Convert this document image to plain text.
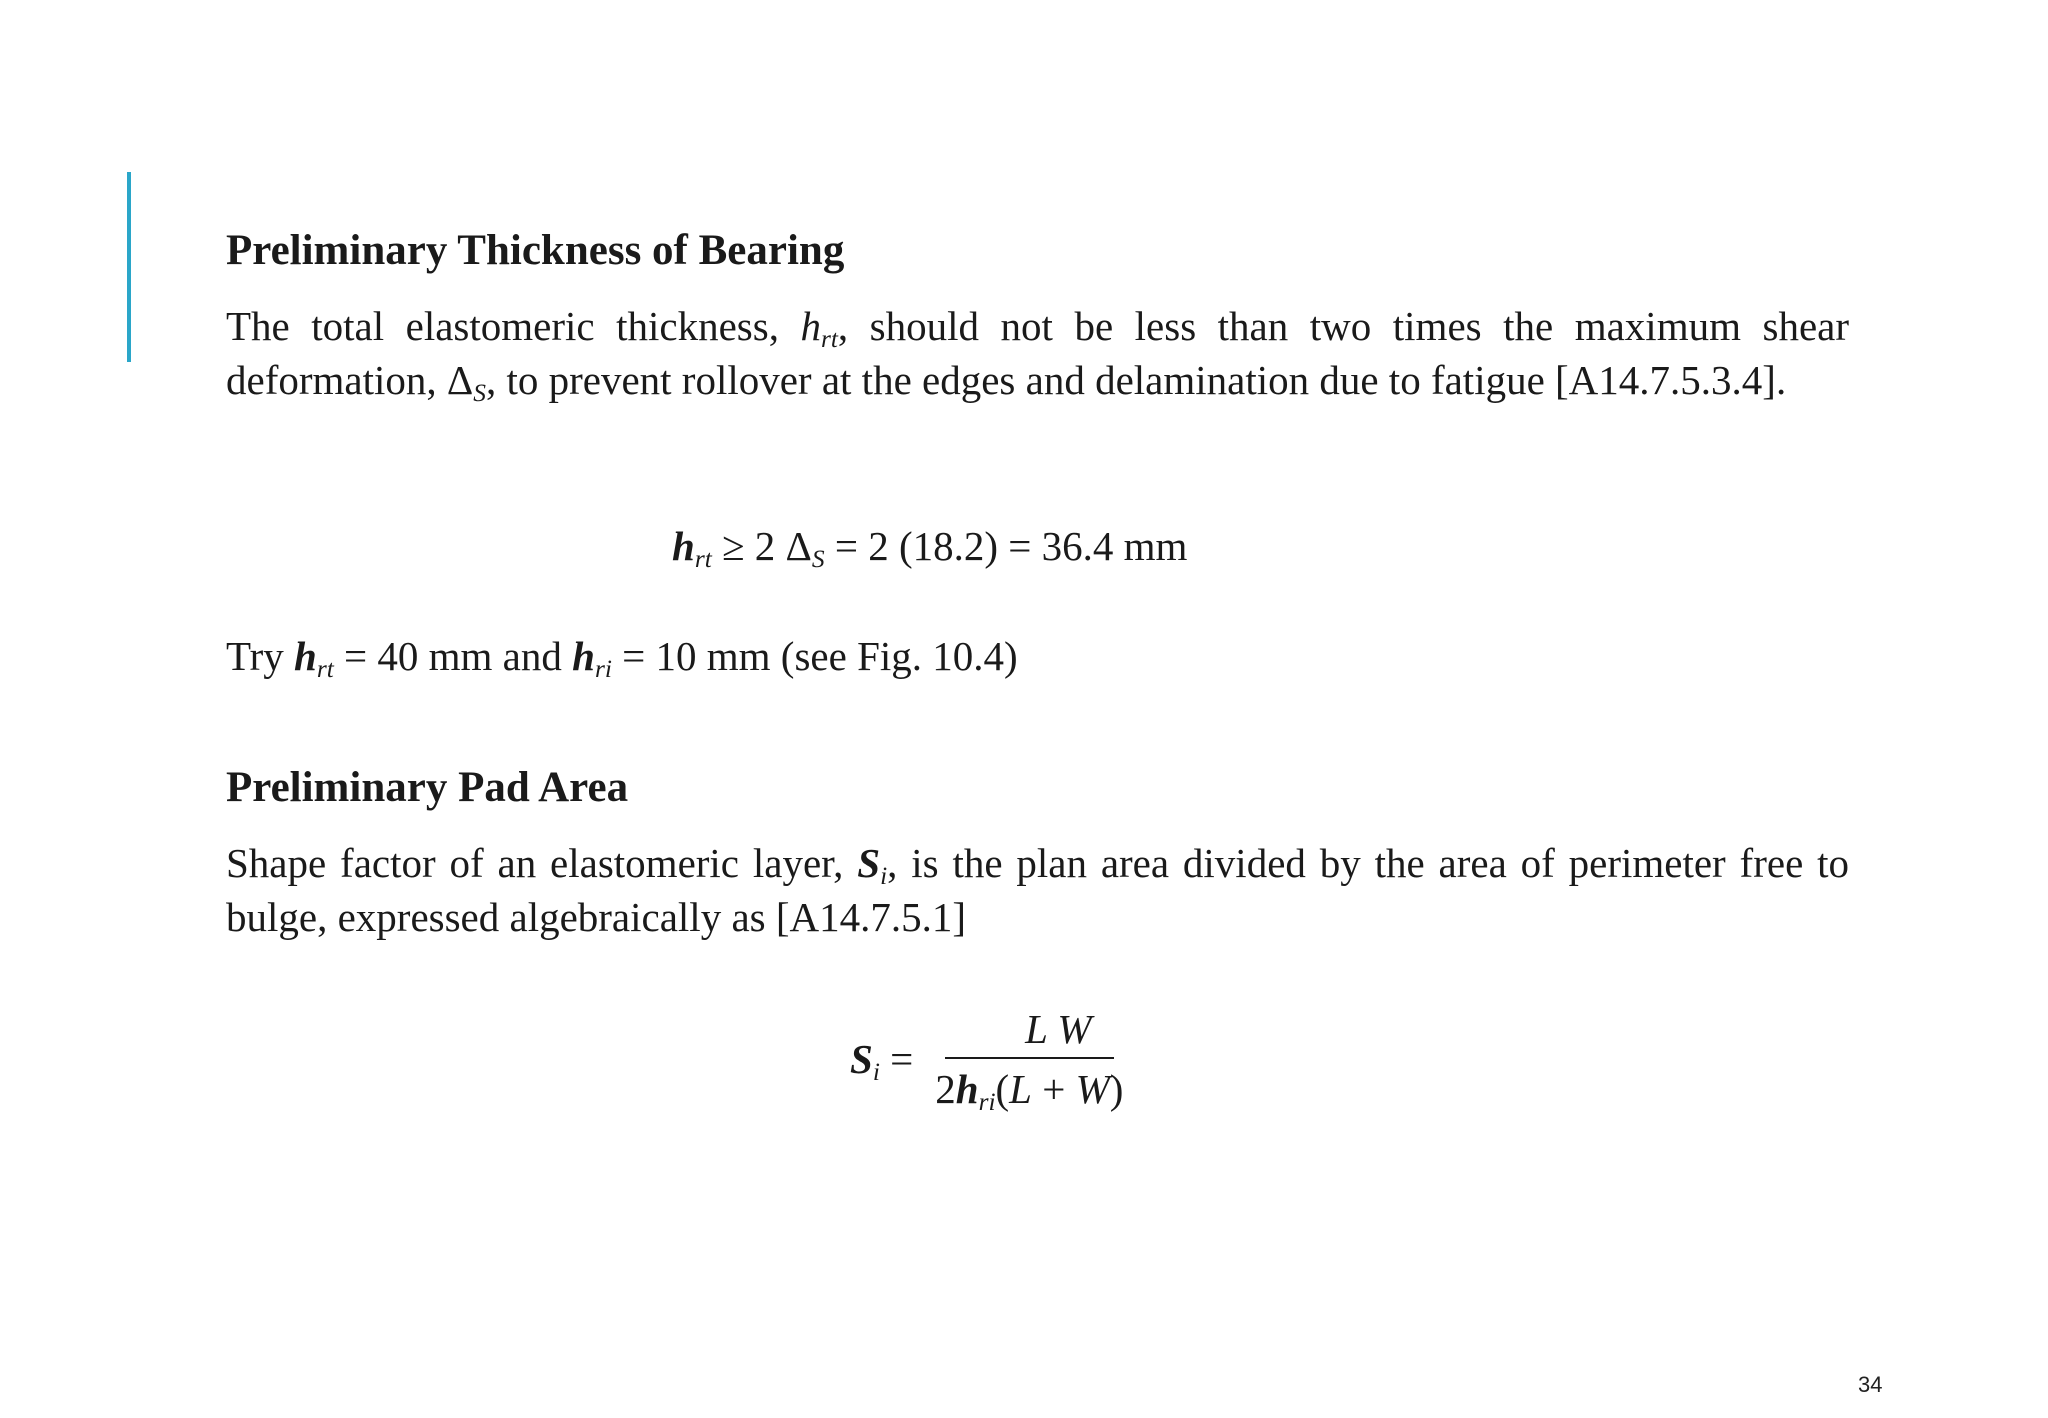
Preliminary Thickness of Bearing

The total elastomeric thickness, $h_{rt}$, should not be less than two times the maximum shear deformation, $\Delta_S$, to prevent rollover at the edges and delamination due to fatigue [A14.7.5.3.4].

$h_{rt} \ge 2$ $\Delta_S = 2$ (18.2) = 36.4 mm
Try $h_{rt} = 40$ mm and $h_{ri} = 10$ mm (see Fig. 10.4)
Preliminary Pad Area

Shape factor of an elastomeric layer, $S_i$, is the plan area divided by the area of perimeter free to bulge, expressed algebraically as [A14.7.5.1]

$S_i = \frac{\text{L W}}{2h_{ri}(L + W)}$
34
